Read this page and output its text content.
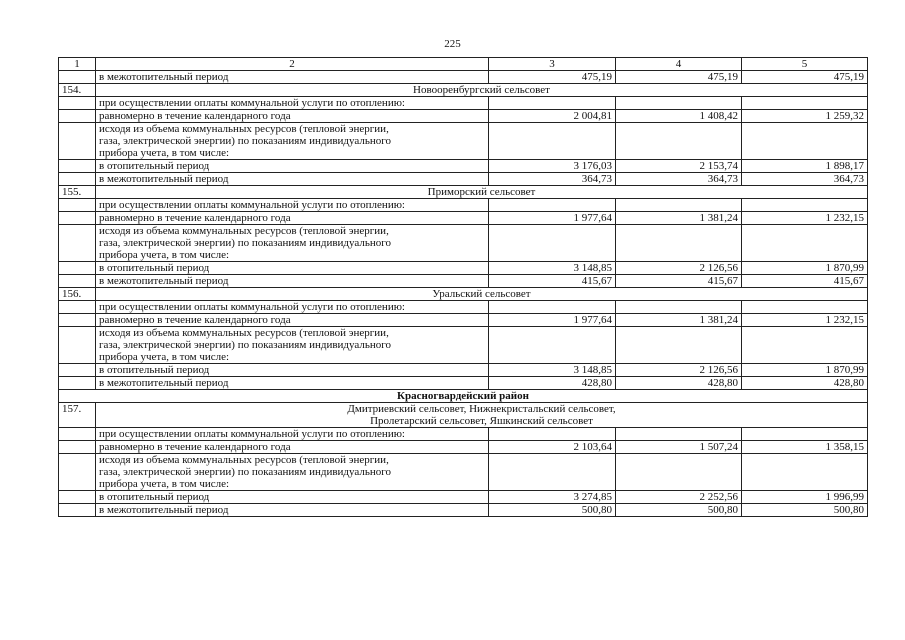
225
1	2	3	4	5
	в межотопительный период	475,19	475,19	475,19
154.	Новооренбургский сельсовет			
	при осуществлении оплаты коммунальной услуги по отоплению:			
	равномерно в течение календарного года	2 004,81	1 408,42	1 259,32

	исходя из объема коммунальных ресурсов (тепловой энергии,
газа, электрической энергии) по показаниям индивидуального
прибора учета, в том числе:			

	в отопительный период	3 176,03	2 153,74	1 898,17
	в межотопительный период	364,73	364,73	364,73
155.	Приморский сельсовет			
	при осуществлении оплаты коммунальной услуги по отоплению:			
	равномерно в течение календарного года	1 977,64	1 381,24	1 232,15

	исходя из объема коммунальных ресурсов (тепловой энергии,
газа, электрической энергии) по показаниям индивидуального
прибора учета, в том числе:			

	в отопительный период	3 148,85	2 126,56	1 870,99
	в межотопительный период	415,67	415,67	415,67
156.	Уральский сельсовет			
	при осуществлении оплаты коммунальной услуги по отоплению:			
	равномерно в течение календарного года	1 977,64	1 381,24	1 232,15

	исходя из объема коммунальных ресурсов (тепловой энергии,
газа, электрической энергии) по показаниям индивидуального
прибора учета, в том числе:			

	в отопительный период	3 148,85	2 126,56	1 870,99
	в межотопительный период	428,80	428,80	428,80
Красногвардейский район				
157.	Дмитриевский сельсовет, Нижнекристальский сельсовет,
Пролетарский сельсовет, Яшкинский сельсовет			

	при осуществлении оплаты коммунальной услуги по отоплению:			
	равномерно в течение календарного года	2 103,64	1 507,24	1 358,15

	исходя из объема коммунальных ресурсов (тепловой энергии,
газа, электрической энергии) по показаниям индивидуального
прибора учета, в том числе:			

	в отопительный период	3 274,85	2 252,56	1 996,99
	в межотопительный период	500,80	500,80	500,80
